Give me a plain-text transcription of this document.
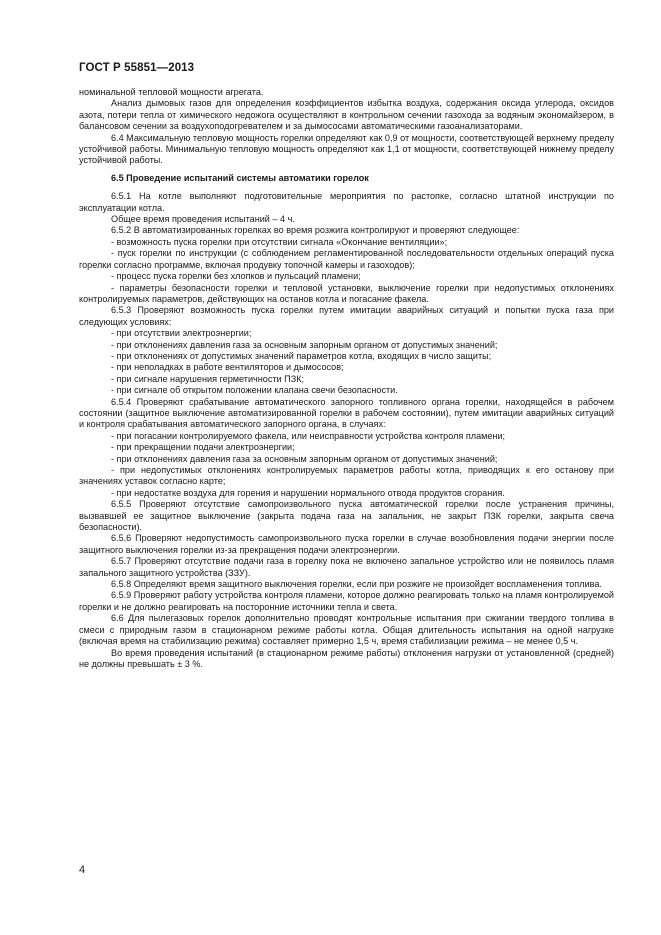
ГОСТ Р 55851—2013

номинальной тепловой мощности агрегата.

Анализ дымовых газов для определения коэффициентов избытка воздуха, содержания оксида углерода, оксидов азота, потери тепла от химического недожога осуществляют в контрольном сечении газохода за водяным экономайзером, в балансовом сечении за воздухоподогревателем и за дымососами автоматическими газоанализаторами.

6.4 Максимальную тепловую мощность горелки определяют как 0,9 от мощности, соответствующей верхнему пределу устойчивой работы. Минимальную тепловую мощность определяют как 1,1 от мощности, соответствующей нижнему пределу устойчивой работы.

6.5 Проведение испытаний системы автоматики горелок

6.5.1 На котле выполняют подготовительные мероприятия по растопке, согласно штатной инструкции по эксплуатации котла.

Общее время проведения испытаний – 4 ч.

6.5.2 В автоматизированных горелках во время розжига контролируют и проверяют следующее:

- возможность пуска горелки при отсутствии сигнала «Окончание вентиляции»;

- пуск горелки по инструкции (с соблюдением регламентированной последовательности отдельных операций пуска горелки согласно программе, включая продувку топочной камеры и газоходов);

- процесс пуска горелки без хлопков и пульсаций пламени;

- параметры безопасности горелки и тепловой установки, выключение горелки при недопустимых отклонениях контролируемых параметров, действующих на останов котла и погасание факела.

6.5.3 Проверяют возможность пуска горелки путем имитации аварийных ситуаций и попытки пуска газа при следующих условиях:

- при отсутствии электроэнергии;

- при отклонениях давления газа за основным запорным органом от допустимых значений;

- при отклонениях от допустимых значений параметров котла, входящих в число защиты;

- при неполадках в работе вентиляторов и дымососов;

- при сигнале нарушения герметичности ПЗК;

- при сигнале об открытом положении клапана свечи безопасности.

6.5.4 Проверяют срабатывание автоматического запорного топливного органа горелки, находящейся в рабочем состоянии (защитное выключение автоматизированной горелки в рабочем состоянии), путем имитации аварийных ситуаций и контроля срабатывания автоматического запорного органа, в случаях:

- при погасании контролируемого факела, или неисправности устройства контроля пламени;

- при прекращении подачи электроэнергии;

- при отклонениях давления газа за основным запорным органом от допустимых значений;

- при недопустимых отклонениях контролируемых параметров работы котла, приводящих к его останову при значениях уставок согласно карте;

- при недостатке воздуха для горения и нарушении нормального отвода продуктов сгорания.

6.5.5 Проверяют отсутствие самопроизвольного пуска автоматической горелки после устранения причины, вызвавшей ее защитное выключение (закрыта подача газа на запальник, не закрыт ПЗК горелки, закрыта свеча безопасности).

6.5.6 Проверяют недопустимость самопроизвольного пуска горелки в случае возобновления подачи энергии после защитного выключения горелки из-за прекращения подачи электроэнергии.

6.5.7 Проверяют отсутствие подачи газа в горелку пока не включено запальное устройство или не появилось пламя запального защитного устройства (ЗЗУ).

6.5.8 Определяют время защитного выключения горелки, если при розжиге не произойдет воспламенения топлива.

6.5.9 Проверяют работу устройства контроля пламени, которое должно реагировать только на пламя контролируемой горелки и не должно реагировать на посторонние источники тепла и света.

6.6 Для пылегазовых горелок дополнительно проводят контрольные испытания при сжигании твердого топлива в смеси с природным газом в стационарном режиме работы котла. Общая длительность испытания на одной нагрузке (включая время на стабилизацию режима) составляет примерно 1,5 ч, время стабилизации режима – не менее 0,5 ч.

Во время проведения испытаний (в стационарном режиме работы) отклонения нагрузки от установленной (средней) не должны превышать ± 3 %.

4
